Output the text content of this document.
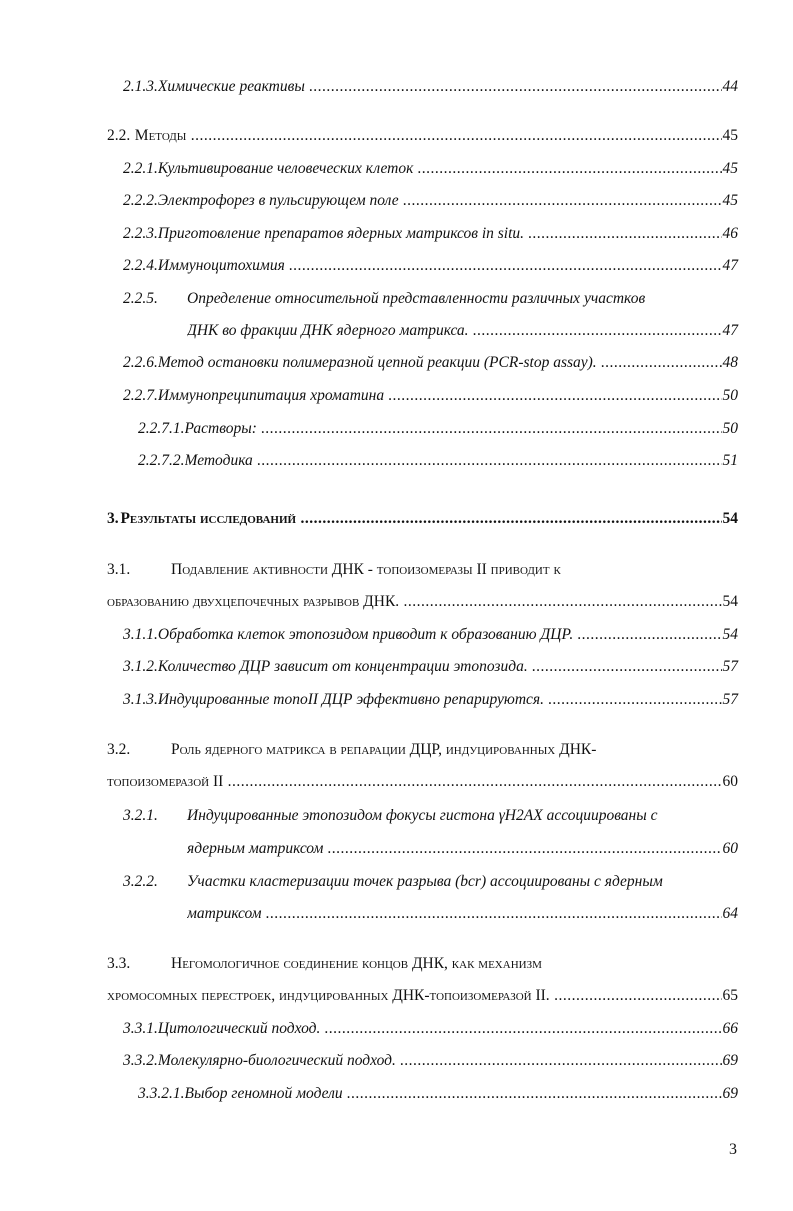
2.1.3. Химические реактивы .....	44
2.2. Методы .....	45
2.2.1. Культивирование человеческих клеток .....	45
2.2.2. Электрофорез в пульсирующем поле .....	45
2.2.3. Приготовление препаратов ядерных матриксов in situ. .....	46
2.2.4. Иммуноцитохимия .....	47
2.2.5. Определение относительной представленности различных участков
ДНК во фракции ДНК ядерного матрикса. .....	47
2.2.6. Метод остановки полимеразной цепной реакции (PCR-stop assay). .....	48
2.2.7. Иммунопреципитация хроматина .....	50
2.2.7.1. Растворы: .....	50
2.2.7.2. Методика .....	51
3. Результаты исследований .....	54
3.1.	Подавление активности ДНК - топоизомеразы II приводит к
образованию двухцепочечных разрывов ДНК. .....	54
3.1.1. Обработка клеток этопозидом приводит к образованию ДЦР. .....	54
3.1.2. Количество ДЦР зависит от концентрации этопозида. .....	57
3.1.3. Индуцированные топоII ДЦР эффективно репарируются. .....	57
3.2.	Роль ядерного матрикса в репарации ДЦР, индуцированных ДНК-
топоизомеразой II .....	60
3.2.1. Индуцированные этопозидом фокусы гистона γH2AX ассоциированы с
ядерным матриксом .....	60
3.2.2. Участки кластеризации точек разрыва (bcr) ассоциированы с ядерным
матриксом .....	64
3.3.	Негомологичное соединение концов ДНК, как механизм
хромосомных перестроек, индуцированных ДНК-топоизомеразой II. .....	65
3.3.1. Цитологический подход. .....	66
3.3.2. Молекулярно-биологический подход. .....	69
3.3.2.1. Выбор геномной модели .....	69
3
